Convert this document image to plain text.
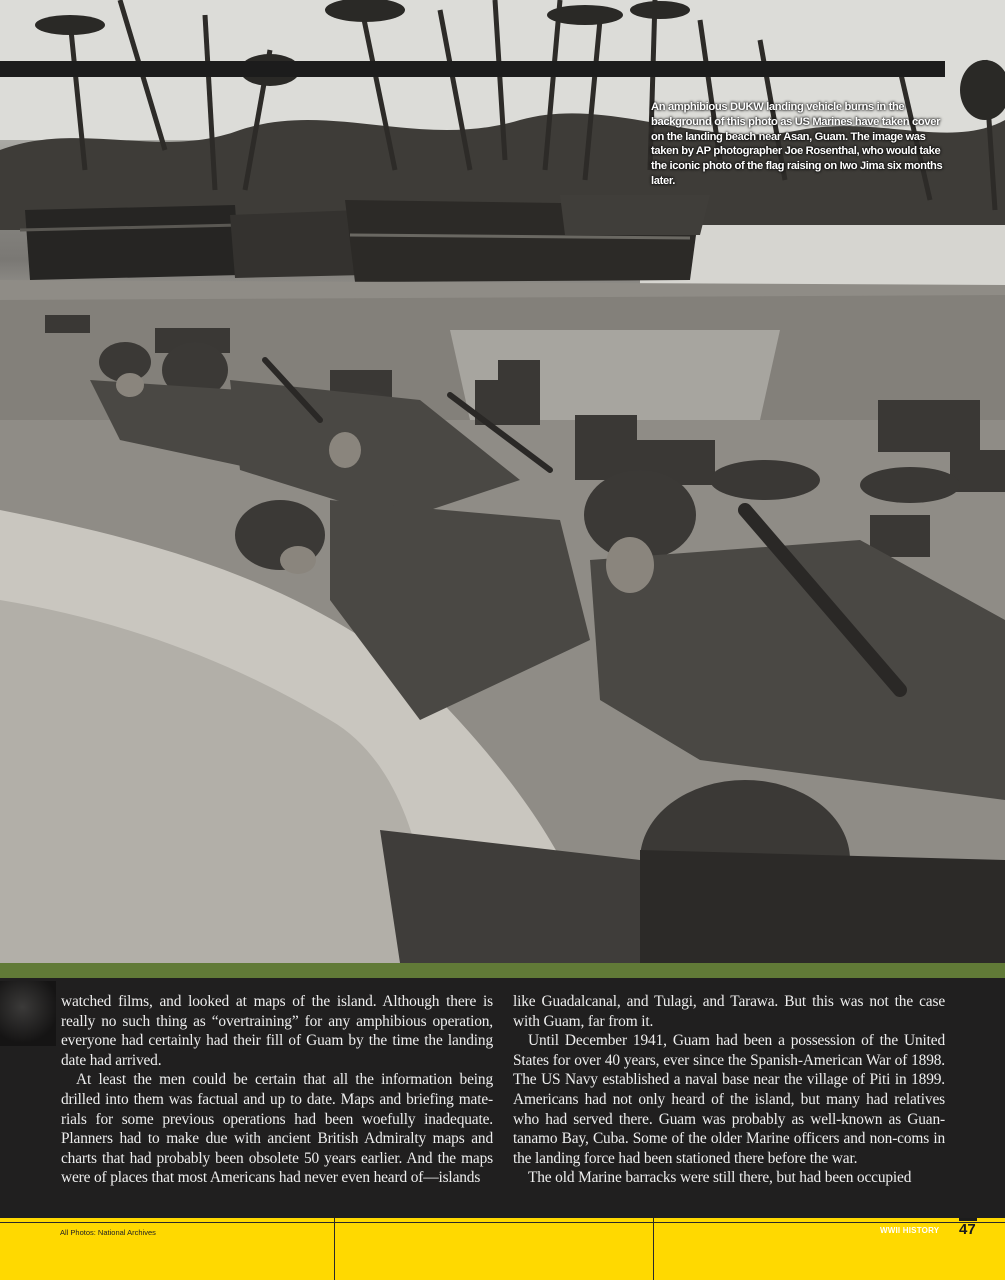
An amphibious DUKW landing vehicle burns in the background of this photo as US Marines have taken cover on the landing beach near Asan, Guam. The image was taken by AP photographer Joe Rosenthal, who would take the iconic photo of the flag raising on Iwo Jima six months later.

watched films, and looked at maps of the island. Although there is really no such thing as “overtraining” for any amphibious operation, everyone had certainly had their fill of Guam by the time the landing date had arrived.

At least the men could be certain that all the information being drilled into them was factual and up to date. Maps and briefing mate-rials for some previous operations had been woefully inadequate. Planners had to make due with ancient British Admiralty maps and charts that had probably been obsolete 50 years earlier. And the maps were of places that most Americans had never even heard of—islands

like Guadalcanal, and Tulagi, and Tarawa. But this was not the case with Guam, far from it.

Until December 1941, Guam had been a possession of the United States for over 40 years, ever since the Spanish-American War of 1898. The US Navy established a naval base near the village of Piti in 1899. Americans had not only heard of the island, but many had relatives who had served there. Guam was probably as well-known as Guan-tanamo Bay, Cuba. Some of the older Marine officers and non-coms in the landing force had been stationed there before the war.

The old Marine barracks were still there, but had been occupied

All Photos: National Archives	WWII HISTORY 47
